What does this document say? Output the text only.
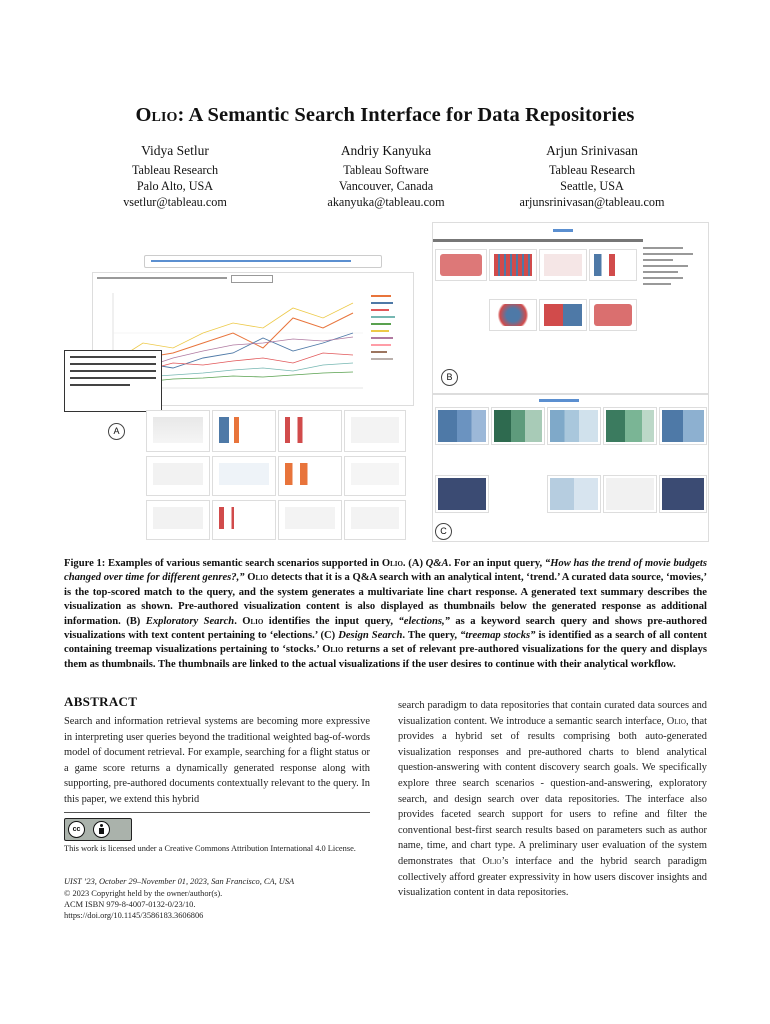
Olio: A Semantic Search Interface for Data Repositories
Vidya Setlur
Tableau Research
Palo Alto, USA
vsetlur@tableau.com
Andriy Kanyuka
Tableau Software
Vancouver, Canada
akanyuka@tableau.com
Arjun Srinivasan
Tableau Research
Seattle, USA
arjunsrinivasan@tableau.com
A
B
C
Figure 1: Examples of various semantic search scenarios supported in Olio. (A) Q&A. For an input query, “How has the trend of movie budgets changed over time for different genres?,” Olio detects that it is a Q&A search with an analytical intent, ‘trend.’ A curated data source, ‘movies,’ is the top-scored match to the query, and the system generates a multivariate line chart response. A generated text summary describes the visualization as shown. Pre-authored visualization content is also displayed as thumbnails below the generated response as additional information. (B) Exploratory Search. Olio identifies the input query, “elections,” as a keyword search query and shows pre-authored visualizations with text content pertaining to ‘elections.’ (C) Design Search. The query, “treemap stocks” is identified as a search of all content containing treemap visualizations pertaining to ‘stocks.’ Olio returns a set of relevant pre-authored visualizations for the query and displays them as thumbnails. The thumbnails are linked to the actual visualizations if the user desires to continue with their analytical workflow.
ABSTRACT
Search and information retrieval systems are becoming more expressive in interpreting user queries beyond the traditional weighted bag-of-words model of document retrieval. For example, searching for a flight status or a game score returns a dynamically generated response along with supporting, pre-authored documents contextually relevant to the query. In this paper, we extend this hybrid
search paradigm to data repositories that contain curated data sources and visualization content. We introduce a semantic search interface, Olio, that provides a hybrid set of results comprising both auto-generated visualization responses and pre-authored charts to blend analytical question-answering with content discovery search goals. We specifically explore three search scenarios - question-and-answering, exploratory search, and design search over data repositories. The interface also provides faceted search support for users to refine and filter the conventional best-first search results based on parameters such as author name, time, and chart type. A preliminary user evaluation of the system demonstrates that Olio’s interface and the hybrid search paradigm collectively afford greater expressivity in how users discover insights and visualization content in data repositories.
cc
This work is licensed under a Creative Commons Attribution International 4.0 License.
UIST ’23, October 29–November 01, 2023, San Francisco, CA, USA
© 2023 Copyright held by the owner/author(s).
ACM ISBN 979-8-4007-0132-0/23/10.
https://doi.org/10.1145/3586183.3606806
